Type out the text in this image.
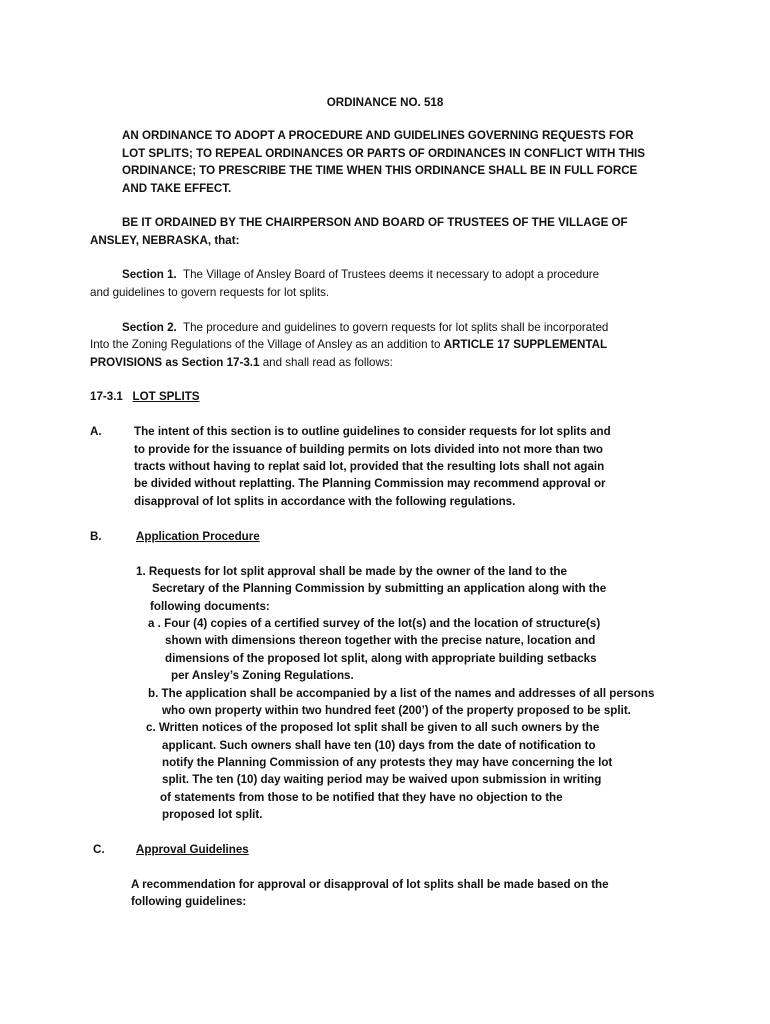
ORDINANCE NO. 518
AN ORDINANCE TO ADOPT A PROCEDURE AND GUIDELINES GOVERNING REQUESTS FOR
LOT SPLITS; TO REPEAL ORDINANCES OR PARTS OF ORDINANCES IN CONFLICT WITH THIS
ORDINANCE; TO PRESCRIBE THE TIME WHEN THIS ORDINANCE SHALL BE IN FULL FORCE
AND TAKE EFFECT.
BE IT ORDAINED BY THE CHAIRPERSON AND BOARD OF TRUSTEES OF THE VILLAGE OF
ANSLEY, NEBRASKA, that:
Section 1. The Village of Ansley Board of Trustees deems it necessary to adopt a procedure
and guidelines to govern requests for lot splits.
Section 2. The procedure and guidelines to govern requests for lot splits shall be incorporated
Into the Zoning Regulations of the Village of Ansley as an addition to ARTICLE 17 SUPPLEMENTAL
PROVISIONS as Section 17-3.1 and shall read as follows:
17-3.1 LOT SPLITS
A.	The intent of this section is to outline guidelines to consider requests for lot splits and
to provide for the issuance of building permits on lots divided into not more than two
tracts without having to replat said lot, provided that the resulting lots shall not again
be divided without replatting. The Planning Commission may recommend approval or
disapproval of lot splits in accordance with the following regulations.
B.	Application Procedure
1. Requests for lot split approval shall be made by the owner of the land to the
Secretary of the Planning Commission by submitting an application along with the
following documents:
a . Four (4) copies of a certified survey of the lot(s) and the location of structure(s)
shown with dimensions thereon together with the precise nature, location and
dimensions of the proposed lot split, along with appropriate building setbacks
per Ansley’s Zoning Regulations.
b. The application shall be accompanied by a list of the names and addresses of all persons
who own property within two hundred feet (200’) of the property proposed to be split.
c. Written notices of the proposed lot split shall be given to all such owners by the
applicant. Such owners shall have ten (10) days from the date of notification to
notify the Planning Commission of any protests they may have concerning the lot
split. The ten (10) day waiting period may be waived upon submission in writing
of statements from those to be notified that they have no objection to the
proposed lot split.
C.	Approval Guidelines
A recommendation for approval or disapproval of lot splits shall be made based on the
following guidelines:
